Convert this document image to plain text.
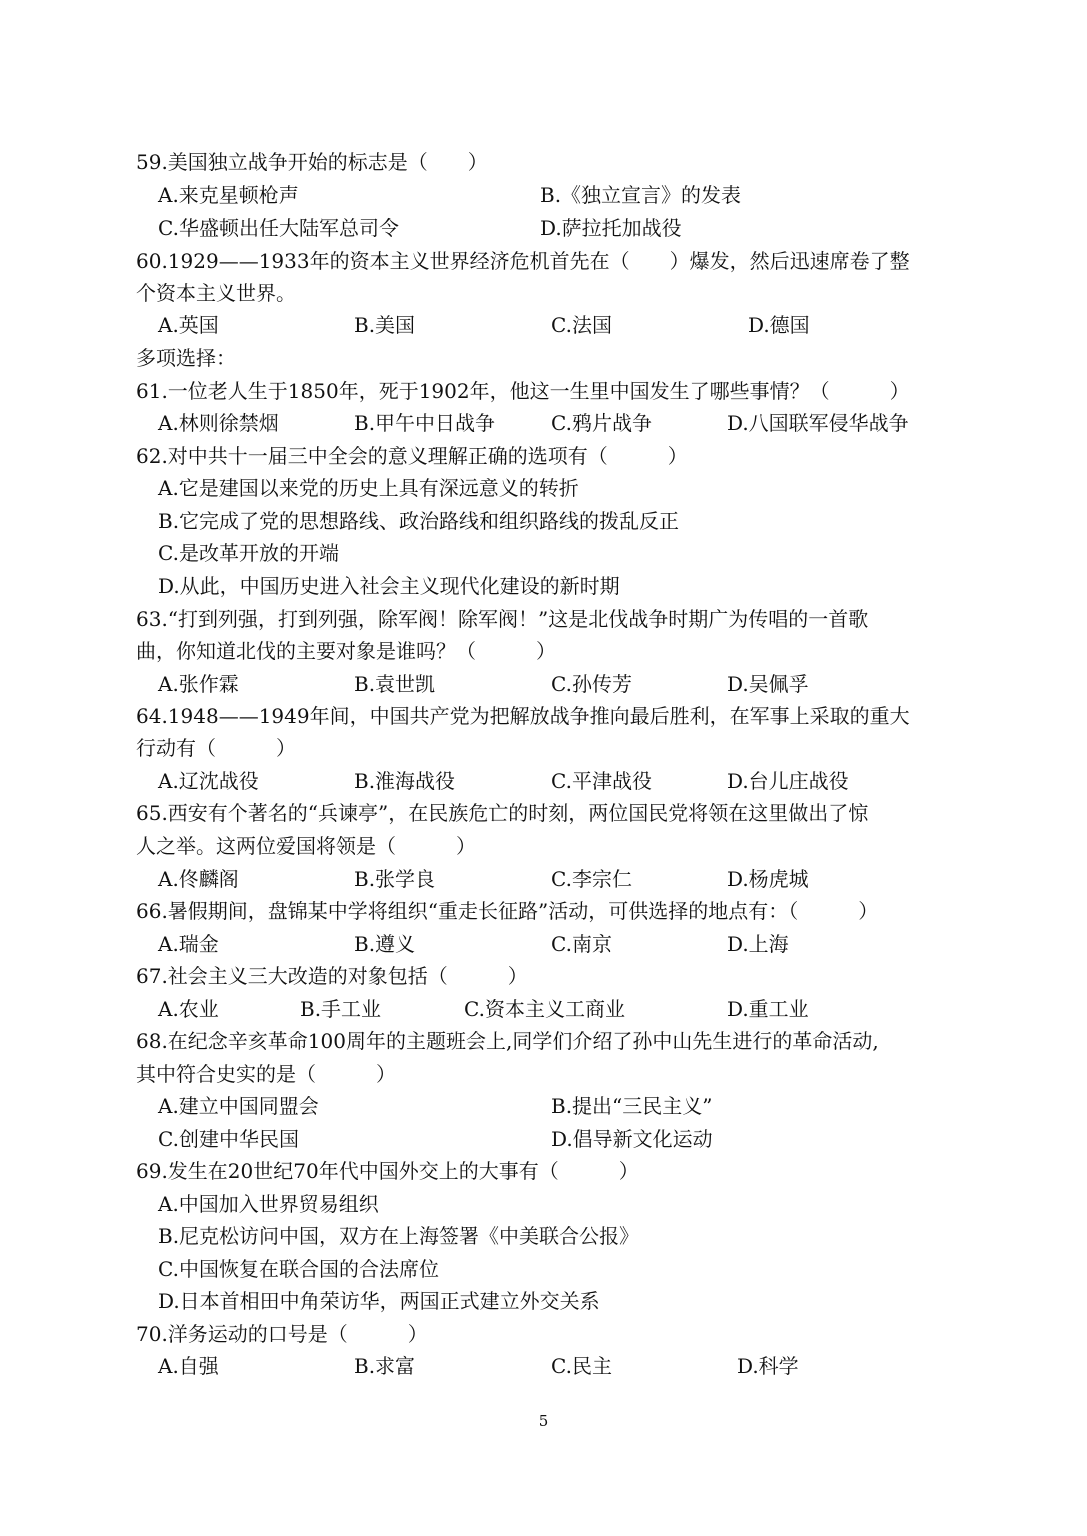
59.美国独立战争开始的标志是（　　）
A.来克星顿枪声	B.《独立宣言》的发表
C.华盛顿出任大陆军总司令	D.萨拉托加战役
60.1929——1933年的资本主义世界经济危机首先在（　　）爆发，然后迅速席卷了整
个资本主义世界。
A.英国	B.美国	C.法国	D.德国
多项选择：
61.一位老人生于1850年，死于1902年，他这一生里中国发生了哪些事情？（　　　）
A.林则徐禁烟	B.甲午中日战争	C.鸦片战争	D.八国联军侵华战争
62.对中共十一届三中全会的意义理解正确的选项有（　　　）
A.它是建国以来党的历史上具有深远意义的转折
B.它完成了党的思想路线、政治路线和组织路线的拨乱反正
C.是改革开放的开端
D.从此，中国历史进入社会主义现代化建设的新时期
63.“打到列强，打到列强，除军阀！除军阀！”这是北伐战争时期广为传唱的一首歌
曲，你知道北伐的主要对象是谁吗？（　　　）
A.张作霖	B.袁世凯	C.孙传芳	D.吴佩孚
64.1948——1949年间，中国共产党为把解放战争推向最后胜利，在军事上采取的重大
行动有（　　　）
A.辽沈战役	B.淮海战役	C.平津战役	D.台儿庄战役
65.西安有个著名的“兵谏亭”，在民族危亡的时刻，两位国民党将领在这里做出了惊
人之举。这两位爱国将领是（　　　）
A.佟麟阁	B.张学良	C.李宗仁	D.杨虎城
66.暑假期间，盘锦某中学将组织“重走长征路”活动，可供选择的地点有：（　　　）
A.瑞金	B.遵义	C.南京	D.上海
67.社会主义三大改造的对象包括（　　　）
A.农业	B.手工业	C.资本主义工商业	D.重工业
68.在纪念辛亥革命100周年的主题班会上,同学们介绍了孙中山先生进行的革命活动,
其中符合史实的是（　　　）
A.建立中国同盟会	B.提出“三民主义”
C.创建中华民国	D.倡导新文化运动
69.发生在20世纪70年代中国外交上的大事有（　　　）
A.中国加入世界贸易组织
B.尼克松访问中国，双方在上海签署《中美联合公报》
C.中国恢复在联合国的合法席位
D.日本首相田中角荣访华，两国正式建立外交关系
70.洋务运动的口号是（　　　）
A.自强	B.求富	C.民主	D.科学
5
